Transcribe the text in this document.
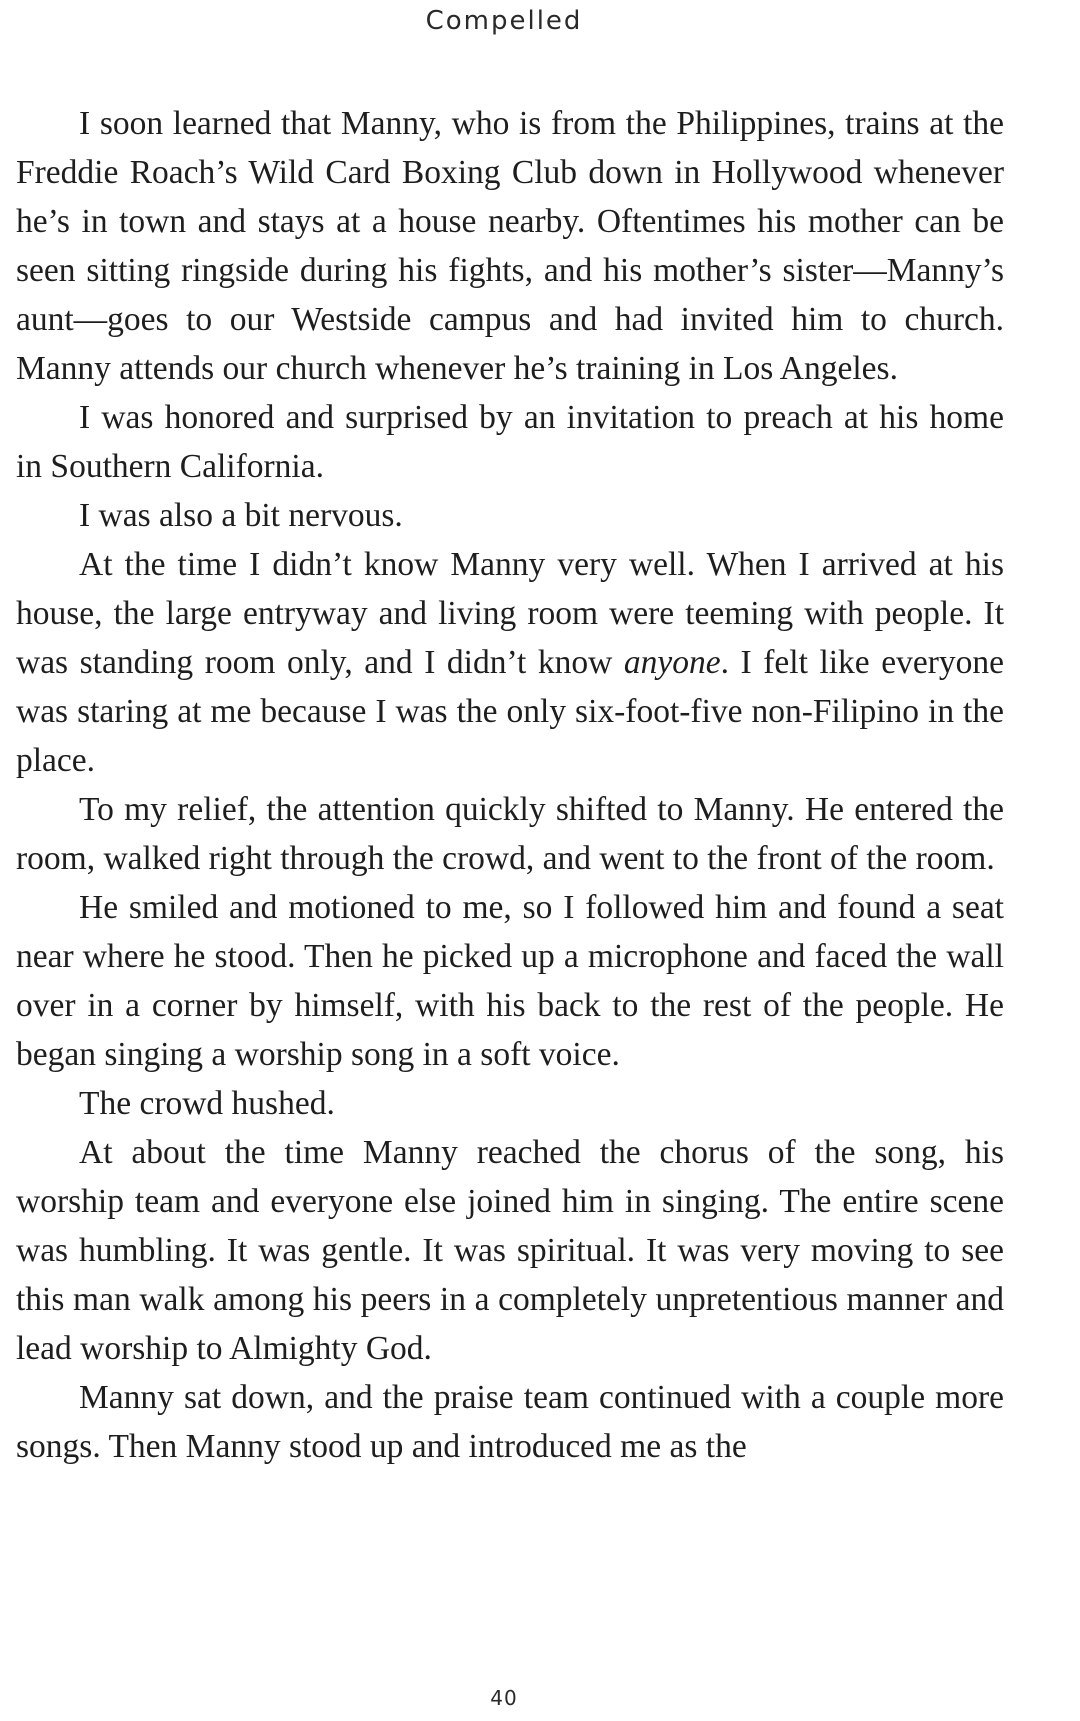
Compelled

I soon learned that Manny, who is from the Philippines, trains at the Freddie Roach’s Wild Card Boxing Club down in Hollywood whenever he’s in town and stays at a house nearby. Oftentimes his mother can be seen sitting ringside during his fights, and his mother’s sister—Manny’s aunt—goes to our Westside campus and had invited him to church. Manny attends our church whenever he’s training in Los Angeles.

I was honored and surprised by an invitation to preach at his home in Southern California.

I was also a bit nervous.

At the time I didn’t know Manny very well. When I arrived at his house, the large entryway and living room were teeming with people. It was standing room only, and I didn’t know anyone. I felt like everyone was staring at me because I was the only six-foot-five non-Filipino in the place.

To my relief, the attention quickly shifted to Manny. He entered the room, walked right through the crowd, and went to the front of the room.

He smiled and motioned to me, so I followed him and found a seat near where he stood. Then he picked up a microphone and faced the wall over in a corner by himself, with his back to the rest of the people. He began singing a worship song in a soft voice.

The crowd hushed.

At about the time Manny reached the chorus of the song, his worship team and everyone else joined him in singing. The entire scene was humbling. It was gentle. It was spiritual. It was very moving to see this man walk among his peers in a completely unpretentious manner and lead worship to Almighty God.

Manny sat down, and the praise team continued with a couple more songs. Then Manny stood up and introduced me as the

40
